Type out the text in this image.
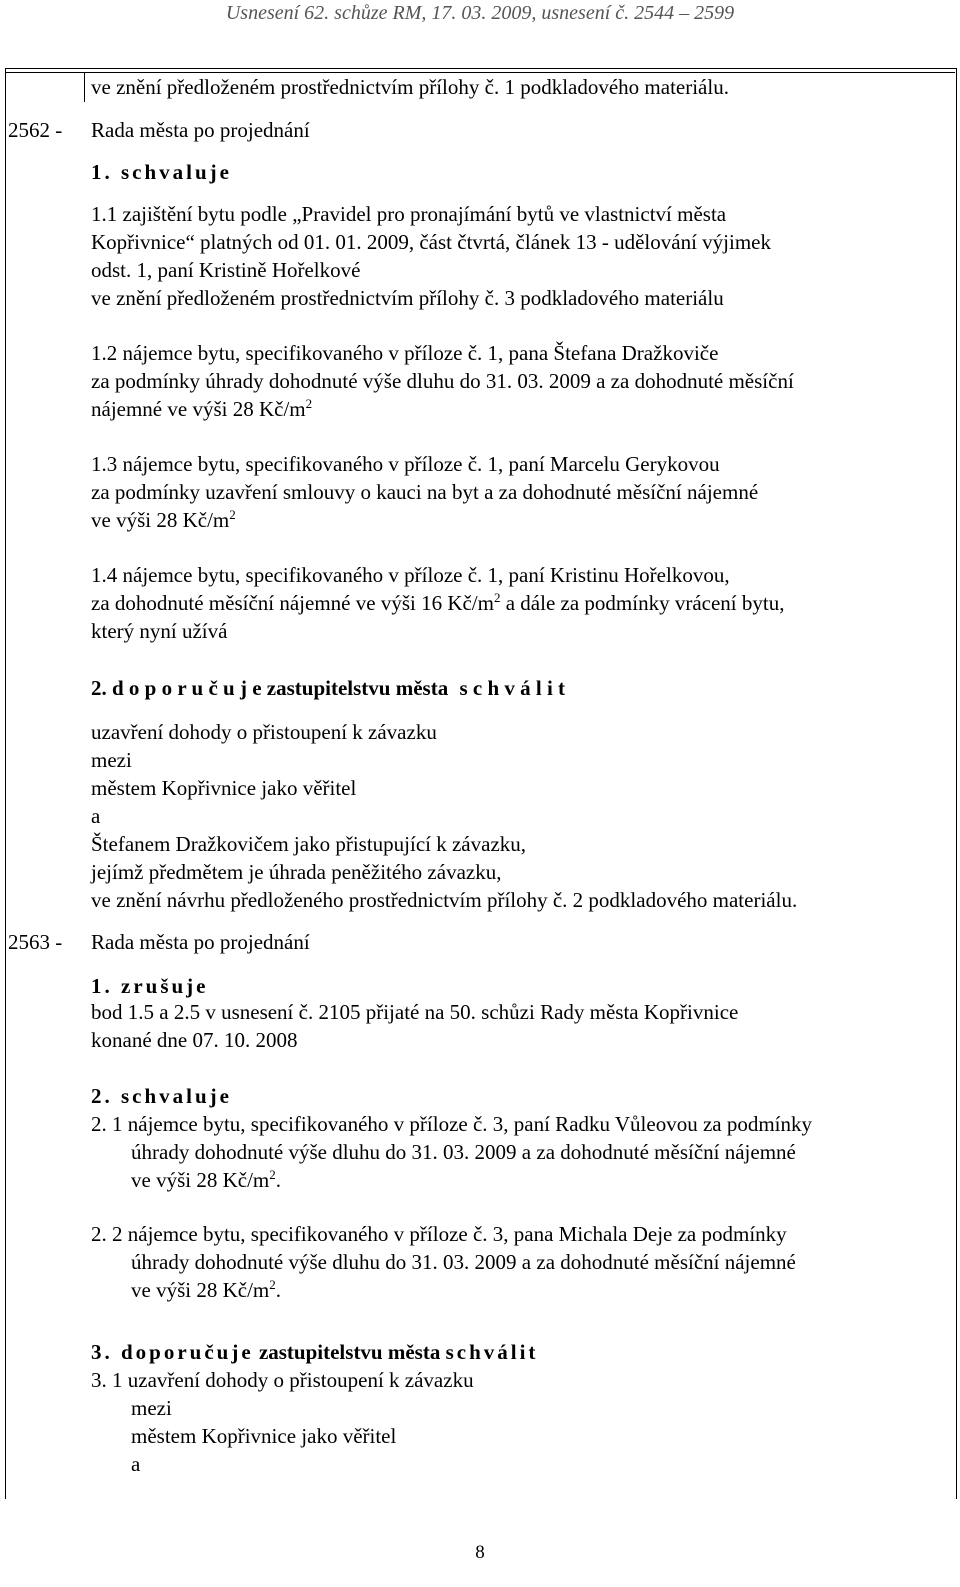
Usnesení 62. schůze RM, 17. 03. 2009, usnesení č. 2544 – 2599
ve znění předloženém prostřednictvím přílohy č. 1 podkladového materiálu.
2562 - Rada města po projednání
1. schvaluje
1.1 zajištění bytu podle „Pravidel pro pronajímání bytů ve vlastnictví města
Kopřivnice“ platných od 01. 01. 2009, část čtvrtá, článek 13 - udělování výjimek
odst. 1, paní Kristině Hořelkové
ve znění předloženém prostřednictvím přílohy č. 3 podkladového materiálu
1.2 nájemce bytu, specifikovaného v příloze č. 1, pana Štefana Dražkoviče
za podmínky úhrady dohodnuté výše dluhu do 31. 03. 2009 a za dohodnuté měsíční
nájemné ve výši 28 $Kč/m^2$
1.3 nájemce bytu, specifikovaného v příloze č. 1, paní Marcelu Gerykovou
za podmínky uzavření smlouvy o kauci na byt a za dohodnuté měsíční nájemné
ve výši 28 $Kč/m^2$
1.4 nájemce bytu, specifikovaného v příloze č. 1, paní Kristinu Hořelkovou,
za dohodnuté měsíční nájemné ve výši 16 $Kč/m^2$ a dále za podmínky vrácení bytu,
který nyní užívá
2. d o p o r u č u j e zastupitelstvu města s c h v á l i t
uzavření dohody o přistoupení k závazku
mezi
městem Kopřivnice jako věřitel
a
Štefanem Dražkovičem jako přistupující k závazku,
jejímž předmětem je úhrada peněžitého závazku,
ve znění návrhu předloženého prostřednictvím přílohy č. 2 podkladového materiálu.
2563 - Rada města po projednání
1. zrušuje
bod 1.5 a 2.5 v usnesení č. 2105 přijaté na 50. schůzi Rady města Kopřivnice
konané dne 07. 10. 2008
2. schvaluje
2. 1 nájemce bytu, specifikovaného v příloze č. 3, paní Radku Vůleovou za podmínky
úhrady dohodnuté výše dluhu do 31. 03. 2009 a za dohodnuté měsíční nájemné
ve výši 28 $Kč/m^2$.
2. 2 nájemce bytu, specifikovaného v příloze č. 3, pana Michala Deje za podmínky
úhrady dohodnuté výše dluhu do 31. 03. 2009 a za dohodnuté měsíční nájemné
ve výši 28 $Kč/m^2$.
3. doporučuje zastupitelstvu města schválit
3. 1 uzavření dohody o přistoupení k závazku
mezi
městem Kopřivnice jako věřitel
a
8
